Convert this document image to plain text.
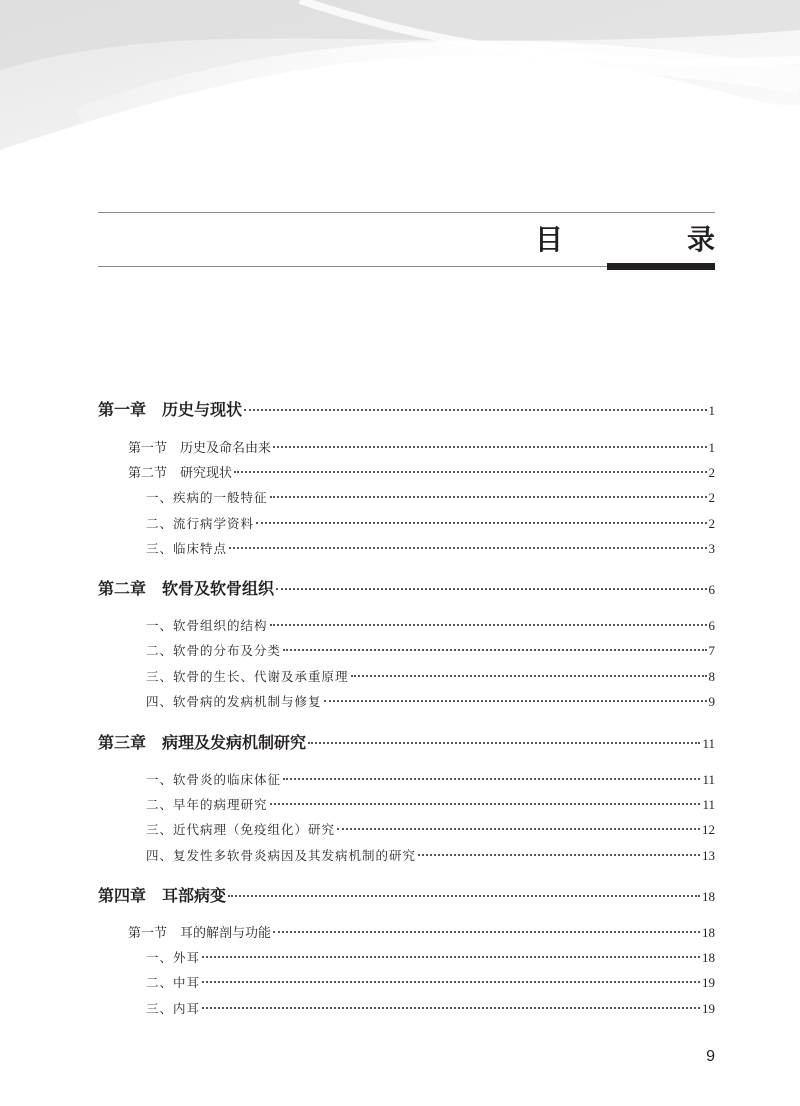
目　录
第一章　历史与现状	1
第一节　历史及命名由来	1
第二节　研究现状	2
一、疾病的一般特征	2
二、流行病学资料	2
三、临床特点	3
第二章　软骨及软骨组织	6
一、软骨组织的结构	6
二、软骨的分布及分类	7
三、软骨的生长、代谢及承重原理	8
四、软骨病的发病机制与修复	9
第三章　病理及发病机制研究	11
一、软骨炎的临床体征	11
二、早年的病理研究	11
三、近代病理（免疫组化）研究	12
四、复发性多软骨炎病因及其发病机制的研究	13
第四章　耳部病变	18
第一节　耳的解剖与功能	18
一、外耳	18
二、中耳	19
三、内耳	19
9
